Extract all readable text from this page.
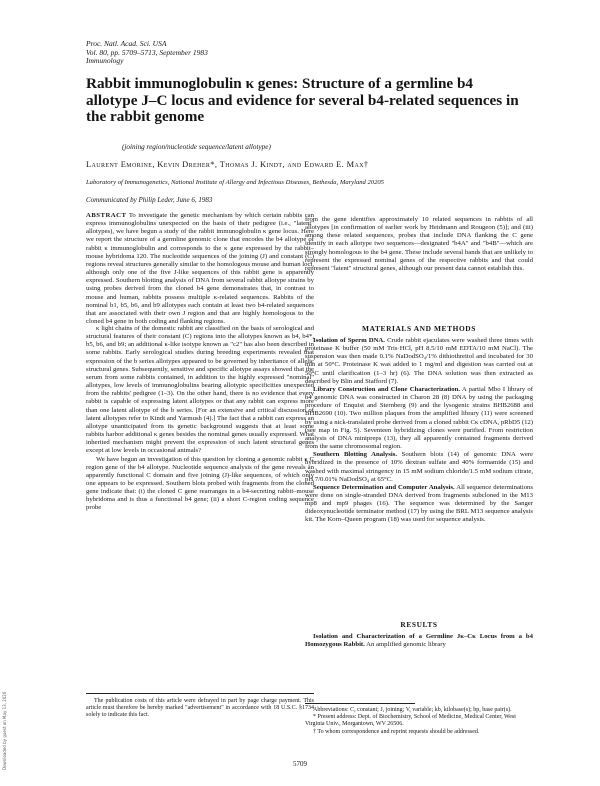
Proc. Natl. Acad. Sci. USA
Vol. 80, pp. 5709–5713, September 1983
Immunology
Rabbit immunoglobulin κ genes: Structure of a germline b4 allotype J–C locus and evidence for several b4-related sequences in the rabbit genome
(joining region/nucleotide sequence/latent allotype)
Laurent Emorine, Kevin Dreher*, Thomas J. Kindt, and Edward E. Max†
Laboratory of Immunogenetics, National Institute of Allergy and Infectious Diseases, Bethesda, Maryland 20205
Communicated by Philip Leder, June 6, 1983
ABSTRACT To investigate the genetic mechanism by which certain rabbits can express immunoglobulins unexpected on the basis of their pedigree (i.e., "latent" allotypes), we have begun a study of the rabbit immunoglobulin κ gene locus. Here we report the structure of a germline genomic clone that encodes the b4 allotype of rabbit κ immunoglobulin and corresponds to the κ gene expressed by the rabbit–mouse hybridoma 120. The nucleotide sequences of the joining (J) and constant (C) regions reveal structures generally similar to the homologous mouse and human loci, although only one of the five J-like sequences of this rabbit gene is apparently expressed. Southern blotting analysis of DNA from several rabbit allotype strains by using probes derived from the cloned b4 gene demonstrates that, in contrast to mouse and human, rabbits possess multiple κ-related sequences. Rabbits of the nominal b1, b5, b6, and b9 allotypes each contain at least two b4-related sequences that are associated with their own J region and that are highly homologous to the cloned b4 gene in both coding and flanking regions.

κ light chains of the domestic rabbit are classified on the basis of serological and structural features of their constant (C) regions into the allotypes known as b4, b4*, b5, b6, and b9; an additional κ-like isotype known as "c2" has also been described in some rabbits. Early serological studies during breeding experiments revealed that expression of the b series allotypes appeared to be governed by inheritance of allelic structural genes. Subsequently, sensitive and specific allotype assays showed that the serum from some rabbits contained, in addition to the highly expressed "nominal" allotypes, low levels of immunoglobulins bearing allotypic specificities unexpected from the rabbits' pedigree (1–3). On the other hand, there is no evidence that every rabbit is capable of expressing latent allotypes or that any rabbit can express more than one latent allotype of the b series. [For an extensive and critical discussion of latent allotypes refer to Kindt and Yarmush (4).] The fact that a rabbit can express an allotype unanticipated from its genetic background suggests that at least some rabbits harbor additional κ genes besides the nominal genes usually expressed. What inherited mechanism might prevent the expression of such latent structural genes except at low levels in occasional animals?

We have begun an investigation of this question by cloning a genomic rabbit κ C region gene of the b4 allotype. Nucleotide sequence analysis of the gene reveals an apparently functional C domain and five joining (J)-like sequences, of which only one appears to be expressed. Southern blots probed with fragments from the cloned gene indicate that: (i) the cloned C gene rearranges in a b4-secreting rabbit–mouse hybridoma and is thus a functional b4 gene; (ii) a short C-region coding sequence probe

from the gene identifies approximately 10 related sequences in rabbits of all allotypes [in confirmation of earlier work by Heidmann and Rougeon (5)]; and (iii) among these related sequences, probes that include DNA flanking the C gene identify in each allotype two sequences—designated "b4A" and "b4B"—which are strongly homologous to the b4 gene. These include several bands that are unlikely to represent the expressed nominal genes of the respective rabbits and that could represent "latent" structural genes, although our present data cannot establish this.
MATERIALS AND METHODS

Isolation of Sperm DNA. Crude rabbit ejaculates were washed three times with proteinase K buffer (50 mM Tris·HCl, pH 8.5/10 mM EDTA/10 mM NaCl). The suspension was then made 0.1% NaDodSO₄/1% dithiothreitol and incubated for 30 min at 50°C. Proteinase K was added to 1 mg/ml and digestion was carried out at 50°C until clarification (1–3 hr) (6). The DNA solution was then extracted as described by Blin and Stafford (7).

Library Construction and Clone Characterization. A partial Mbo I library of b4 genomic DNA was constructed in Charon 28 (8) DNA by using the packaging procedure of Enquist and Sternberg (9) and the lysogenic strains BHB2688 and BHB2690 (10). Two million plaques from the amplified library (11) were screened by using a nick-translated probe derived from a cloned rabbit Cκ cDNA, pRbD5 (12) (see map in Fig. 5). Seventeen hybridizing clones were purified. From restriction analysis of DNA minipreps (13), they all apparently contained fragments derived from the same chromosomal region.

Southern Blotting Analysis. Southern blots (14) of genomic DNA were hybridized in the presence of 10% dextran sulfate and 40% formamide (15) and washed with maximal stringency in 15 mM sodium chloride/1.5 mM sodium citrate, pH 7/0.01% NaDodSO₄ at 65°C.

Sequence Determination and Computer Analysis. All sequence determinations were done on single-stranded DNA derived from fragments subcloned in the M13 mp8 and mp9 phages (16). The sequence was determined by the Sanger dideoxynucleotide terminator method (17) by using the BRL M13 sequence analysis kit. The Korn–Queen program (18) was used for sequence analysis.

RESULTS

Isolation and Characterization of a Germline Jκ–Cκ Locus from a b4 Homozygous Rabbit. An amplified genomic library

The publication costs of this article were defrayed in part by page charge payment. This article must therefore be hereby marked "advertisement" in accordance with 18 U.S.C. §1734 solely to indicate this fact.
Abbreviations: C, constant; J, joining; V, variable; kb, kilobase(s); bp, base pair(s).
* Present address: Dept. of Biochemistry, School of Medicine, Medical Center, West Virginia Univ., Morgantown, WV 26506.
† To whom correspondence and reprint requests should be addressed.
5709
Downloaded by guest on May 13, 2020
